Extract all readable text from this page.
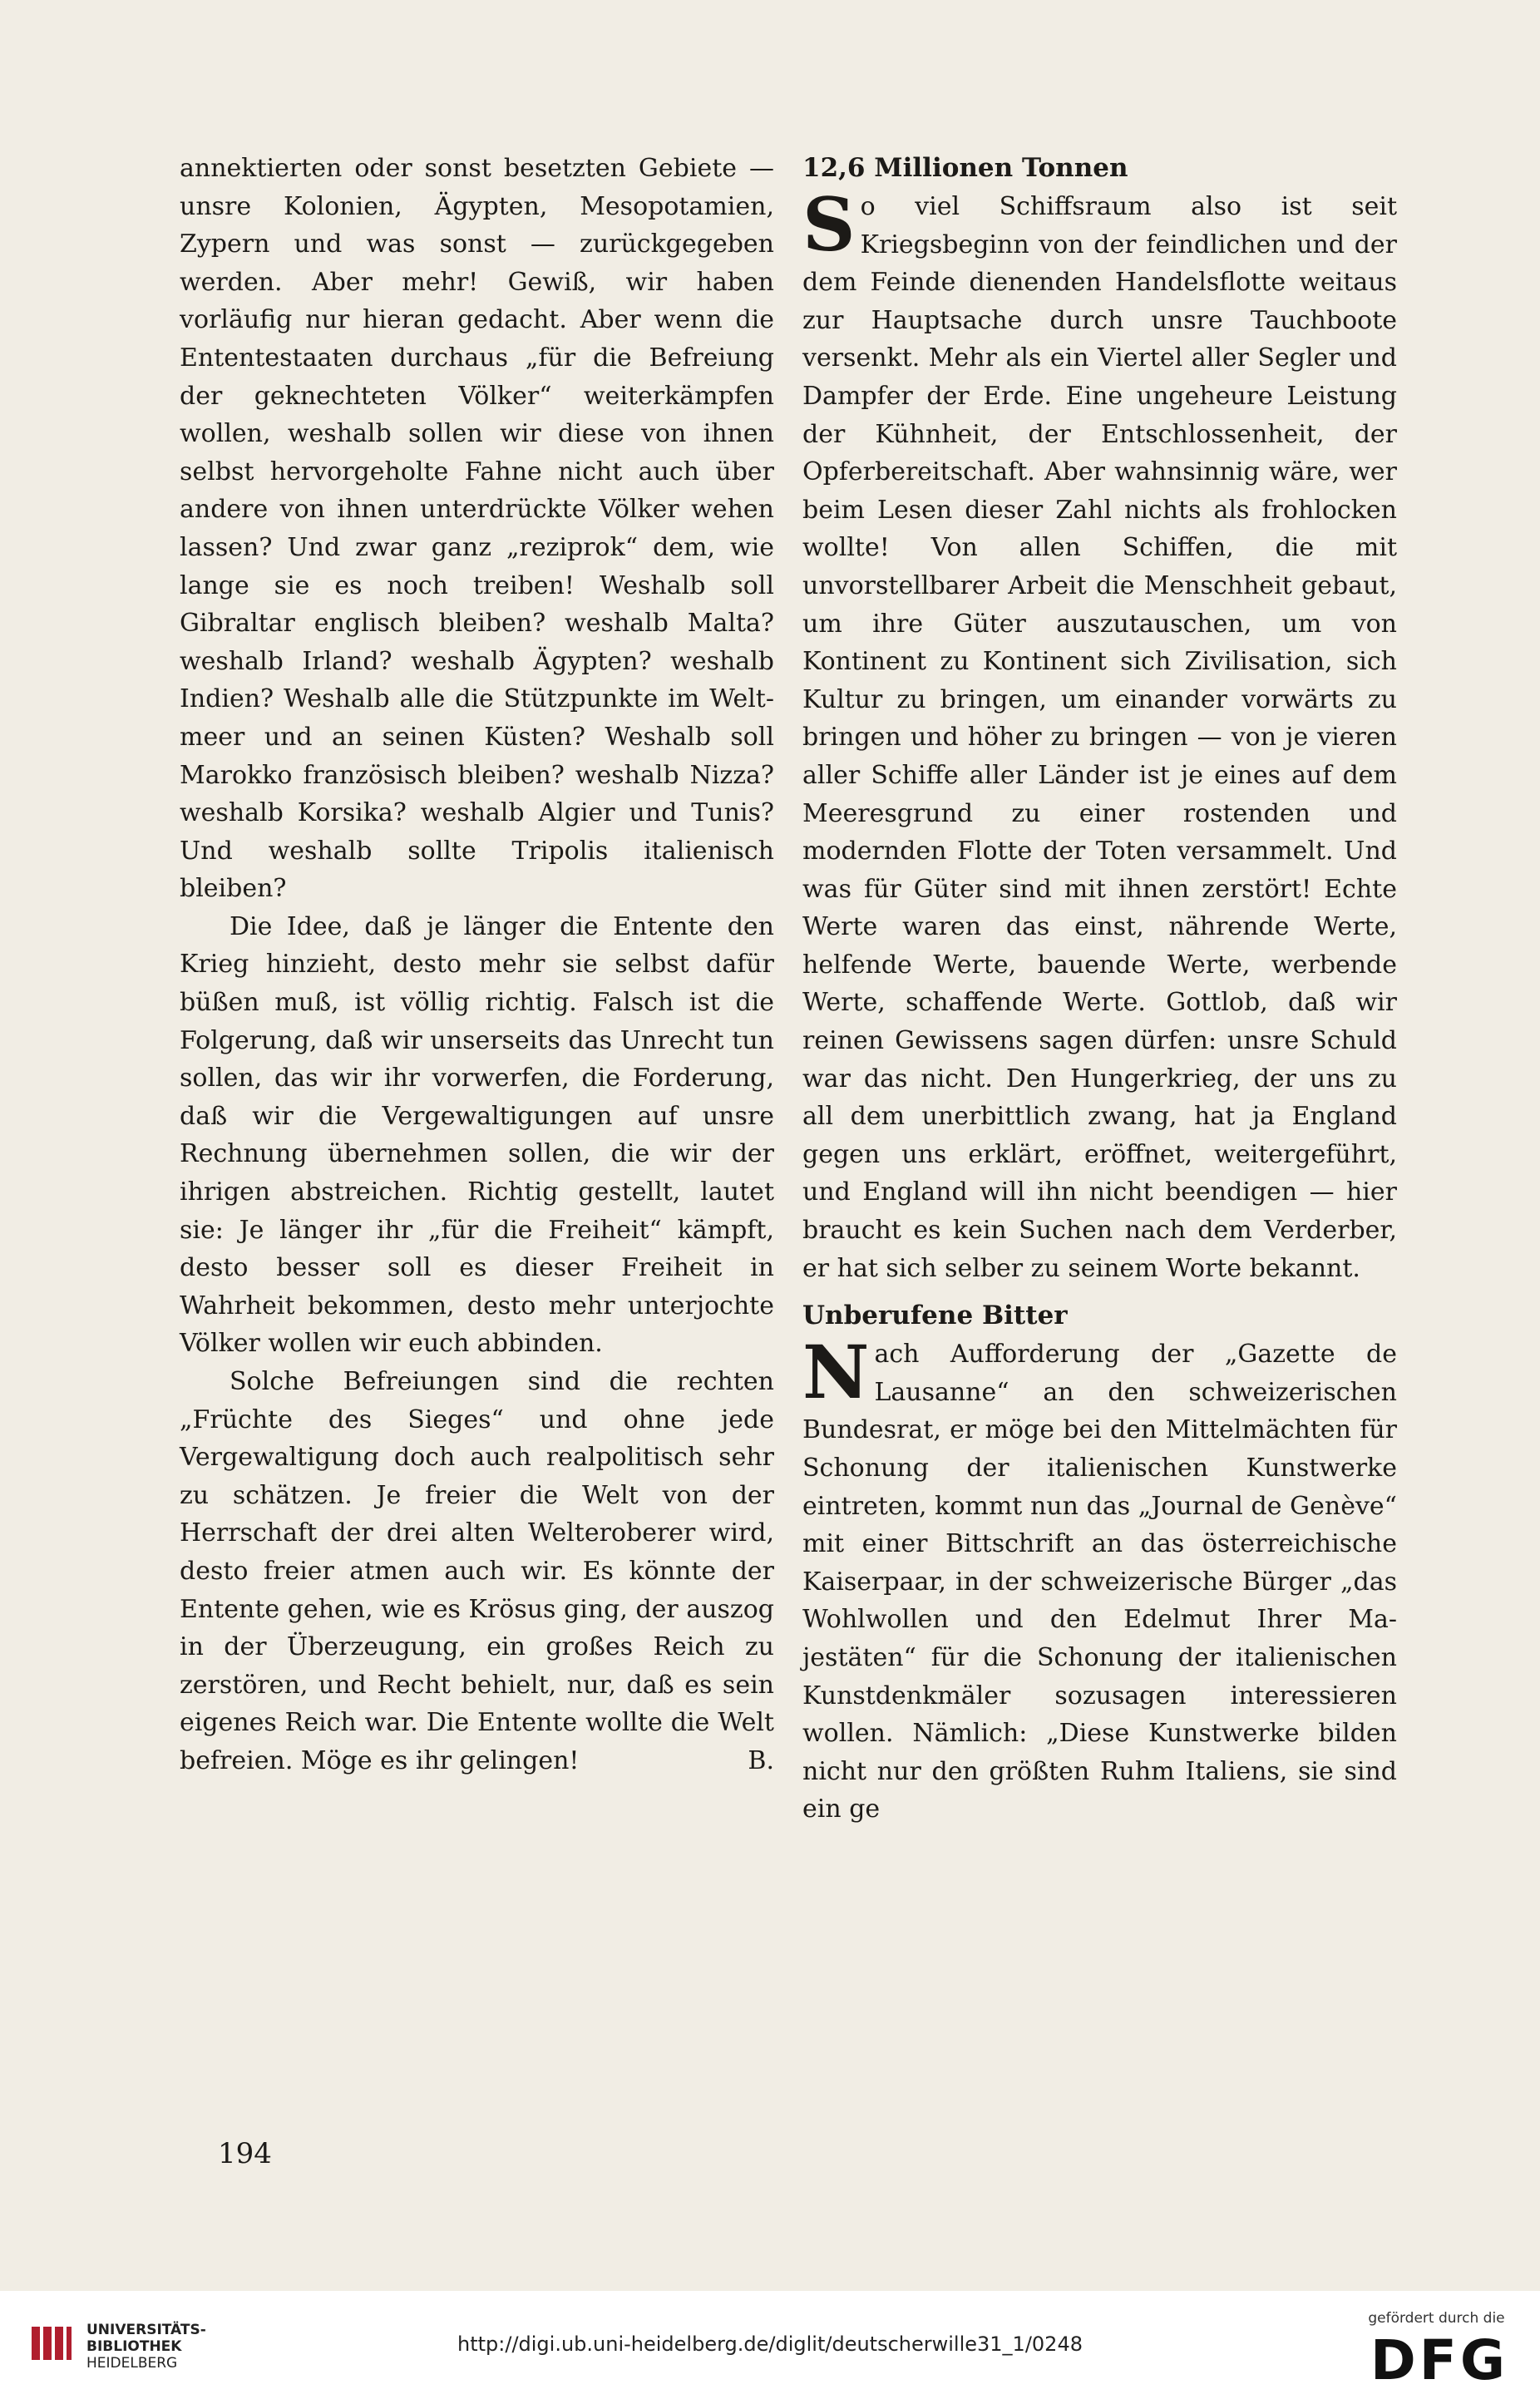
annektierten oder sonst besetzten Gebiete — unsre Kolonien, Ägypten, Mesopotamien, Zypern und was sonst — zurückgegeben werden. Aber mehr! Gewiß, wir haben vorläufig nur hieran gedacht. Aber wenn die Ententestaaten durchaus „für die Befreiung der geknechteten Völker“ weiterkämpfen wollen, weshalb sollen wir diese von ihnen selbst hervorgeholte Fahne nicht auch über andere von ihnen unterdrückte Völker wehen lassen? Und zwar ganz „reziprok“ dem, wie lange sie es noch treiben! Weshalb soll Gibraltar englisch bleiben? weshalb Malta? weshalb Irland? weshalb Ägypten? weshalb Indien? Weshalb alle die Stützpunkte im Weltmeer und an seinen Küsten? Weshalb soll Marokko französisch bleiben? weshalb Nizza? weshalb Korsika? weshalb Algier und Tunis? Und weshalb sollte Tripolis italienisch bleiben?

Die Idee, daß je länger die Entente den Krieg hinzieht, desto mehr sie selbst dafür büßen muß, ist völlig richtig. Falsch ist die Folgerung, daß wir unserseits das Unrecht tun sollen, das wir ihr vorwerfen, die Forderung, daß wir die Vergewaltigungen auf unsre Rechnung übernehmen sollen, die wir der ihrigen abstreichen. Richtig gestellt, lautet sie: Je länger ihr „für die Freiheit“ kämpft, desto besser soll es dieser Freiheit in Wahrheit bekommen, desto mehr unterjochte Völker wollen wir euch abbinden.

Solche Befreiungen sind die rechten „Früchte des Sieges“ und ohne jede Vergewaltigung doch auch realpolitisch sehr zu schätzen. Je freier die Welt von der Herrschaft der drei alten Welteroberer wird, desto freier atmen auch wir. Es könnte der Entente gehen, wie es Krösus ging, der auszog in der Überzeugung, ein großes Reich zu zerstören, und Recht behielt, nur, daß es sein eigenes Reich war. Die Entente wollte die Welt befreien. Möge es ihr gelingen!	B.

12,6 Millionen Tonnen

So viel Schiffsraum also ist seit Kriegsbeginn von der feindlichen und der dem Feinde dienenden Handelsflotte weitaus zur Hauptsache durch unsre Tauchboote versenkt. Mehr als ein Viertel aller Segler und Dampfer der Erde. Eine ungeheure Leistung der Kühnheit, der Entschlossenheit, der Opferbereitschaft. Aber wahnsinnig wäre, wer beim Lesen dieser Zahl nichts als frohlocken wollte! Von allen Schiffen, die mit unvorstellbarer Arbeit die Menschheit gebaut, um ihre Güter auszutauschen, um von Kontinent zu Kontinent sich Zivilisation, sich Kultur zu bringen, um einander vorwärts zu bringen und höher zu bringen — von je vieren aller Schiffe aller Länder ist je eines auf dem Meeresgrund zu einer rostenden und modernden Flotte der Toten versammelt. Und was für Güter sind mit ihnen zerstört! Echte Werte waren das einst, nährende Werte, helfende Werte, bauende Werte, werbende Werte, schaffende Werte. Gottlob, daß wir reinen Gewissens sagen dürfen: unsre Schuld war das nicht. Den Hungerkrieg, der uns zu all dem unerbittlich zwang, hat ja England gegen uns erklärt, eröffnet, weitergeführt, und England will ihn nicht beendigen — hier braucht es kein Suchen nach dem Verderber, er hat sich selber zu seinem Worte bekannt.

Unberufene Bitter

Nach Aufforderung der „Gazette de Lausanne“ an den schweizerischen Bundesrat, er möge bei den Mittelmächten für Schonung der italienischen Kunstwerke eintreten, kommt nun das „Journal de Genève“ mit einer Bittschrift an das österreichische Kaiserpaar, in der schweizerische Bürger „das Wohlwollen und den Edelmut Ihrer Majestäten“ für die Schonung der italienischen Kunstdenkmäler sozusagen interessieren wollen. Nämlich: „Diese Kunstwerke bilden nicht nur den größten Ruhm Italiens, sie sind ein ge

194
UNIVERSITÄTS-
BIBLIOTHEK
HEIDELBERG
http://digi.ub.uni-heidelberg.de/diglit/deutscherwille31_1/0248
gefördert durch die
DFG
